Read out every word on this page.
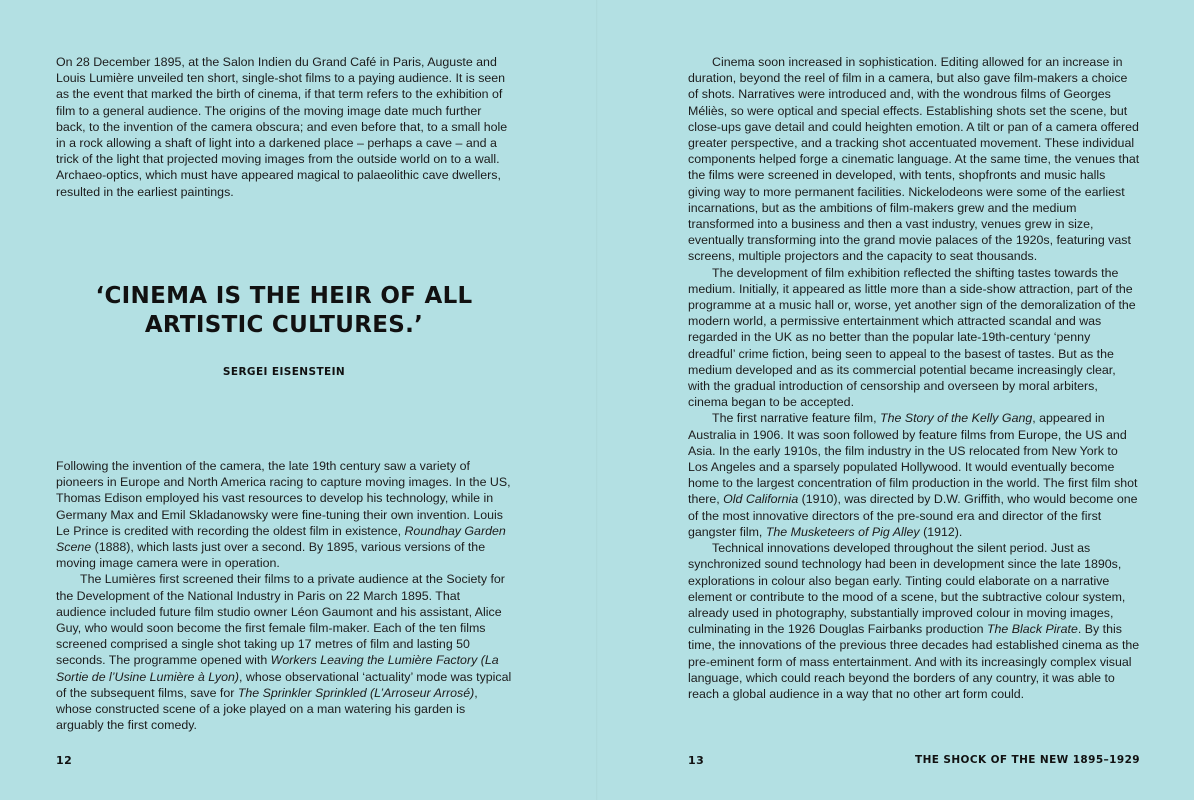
On 28 December 1895, at the Salon Indien du Grand Café in Paris, Auguste and Louis Lumière unveiled ten short, single-shot films to a paying audience. It is seen as the event that marked the birth of cinema, if that term refers to the exhibition of film to a general audience. The origins of the moving image date much further back, to the invention of the camera obscura; and even before that, to a small hole in a rock allowing a shaft of light into a darkened place – perhaps a cave – and a trick of the light that projected moving images from the outside world on to a wall. Archaeo-optics, which must have appeared magical to palaeolithic cave dwellers, resulted in the earliest paintings.

‘CINEMA IS THE HEIR OF ALL ARTISTIC CULTURES.’
SERGEI EISENSTEIN

Following the invention of the camera, the late 19th century saw a variety of pioneers in Europe and North America racing to capture moving images. In the US, Thomas Edison employed his vast resources to develop his technology, while in Germany Max and Emil Skladanowsky were fine-tuning their own invention. Louis Le Prince is credited with recording the oldest film in existence, Roundhay Garden Scene (1888), which lasts just over a second. By 1895, various versions of the moving image camera were in operation.

The Lumières first screened their films to a private audience at the Society for the Development of the National Industry in Paris on 22 March 1895. That audience included future film studio owner Léon Gaumont and his assistant, Alice Guy, who would soon become the first female film-maker. Each of the ten films screened comprised a single shot taking up 17 metres of film and lasting 50 seconds. The programme opened with Workers Leaving the Lumière Factory (La Sortie de l’Usine Lumière à Lyon), whose observational ‘actuality’ mode was typical of the subsequent films, save for The Sprinkler Sprinkled (L’Arroseur Arrosé), whose constructed scene of a joke played on a man watering his garden is arguably the first comedy.

12

Cinema soon increased in sophistication. Editing allowed for an increase in duration, beyond the reel of film in a camera, but also gave film-makers a choice of shots. Narratives were introduced and, with the wondrous films of Georges Méliès, so were optical and special effects. Establishing shots set the scene, but close-ups gave detail and could heighten emotion. A tilt or pan of a camera offered greater perspective, and a tracking shot accentuated movement. These individual components helped forge a cinematic language. At the same time, the venues that the films were screened in developed, with tents, shopfronts and music halls giving way to more permanent facilities. Nickelodeons were some of the earliest incarnations, but as the ambitions of film-makers grew and the medium transformed into a business and then a vast industry, venues grew in size, eventually transforming into the grand movie palaces of the 1920s, featuring vast screens, multiple projectors and the capacity to seat thousands.

The development of film exhibition reflected the shifting tastes towards the medium. Initially, it appeared as little more than a side-show attraction, part of the programme at a music hall or, worse, yet another sign of the demoralization of the modern world, a permissive entertainment which attracted scandal and was regarded in the UK as no better than the popular late-19th-century ‘penny dreadful’ crime fiction, being seen to appeal to the basest of tastes. But as the medium developed and as its commercial potential became increasingly clear, with the gradual introduction of censorship and overseen by moral arbiters, cinema began to be accepted.

The first narrative feature film, The Story of the Kelly Gang, appeared in Australia in 1906. It was soon followed by feature films from Europe, the US and Asia. In the early 1910s, the film industry in the US relocated from New York to Los Angeles and a sparsely populated Hollywood. It would eventually become home to the largest concentration of film production in the world. The first film shot there, Old California (1910), was directed by D.W. Griffith, who would become one of the most innovative directors of the pre-sound era and director of the first gangster film, The Musketeers of Pig Alley (1912).

Technical innovations developed throughout the silent period. Just as synchronized sound technology had been in development since the late 1890s, explorations in colour also began early. Tinting could elaborate on a narrative element or contribute to the mood of a scene, but the subtractive colour system, already used in photography, substantially improved colour in moving images, culminating in the 1926 Douglas Fairbanks production The Black Pirate. By this time, the innovations of the previous three decades had established cinema as the pre-eminent form of mass entertainment. And with its increasingly complex visual language, which could reach beyond the borders of any country, it was able to reach a global audience in a way that no other art form could.

13	THE SHOCK OF THE NEW 1895–1929
